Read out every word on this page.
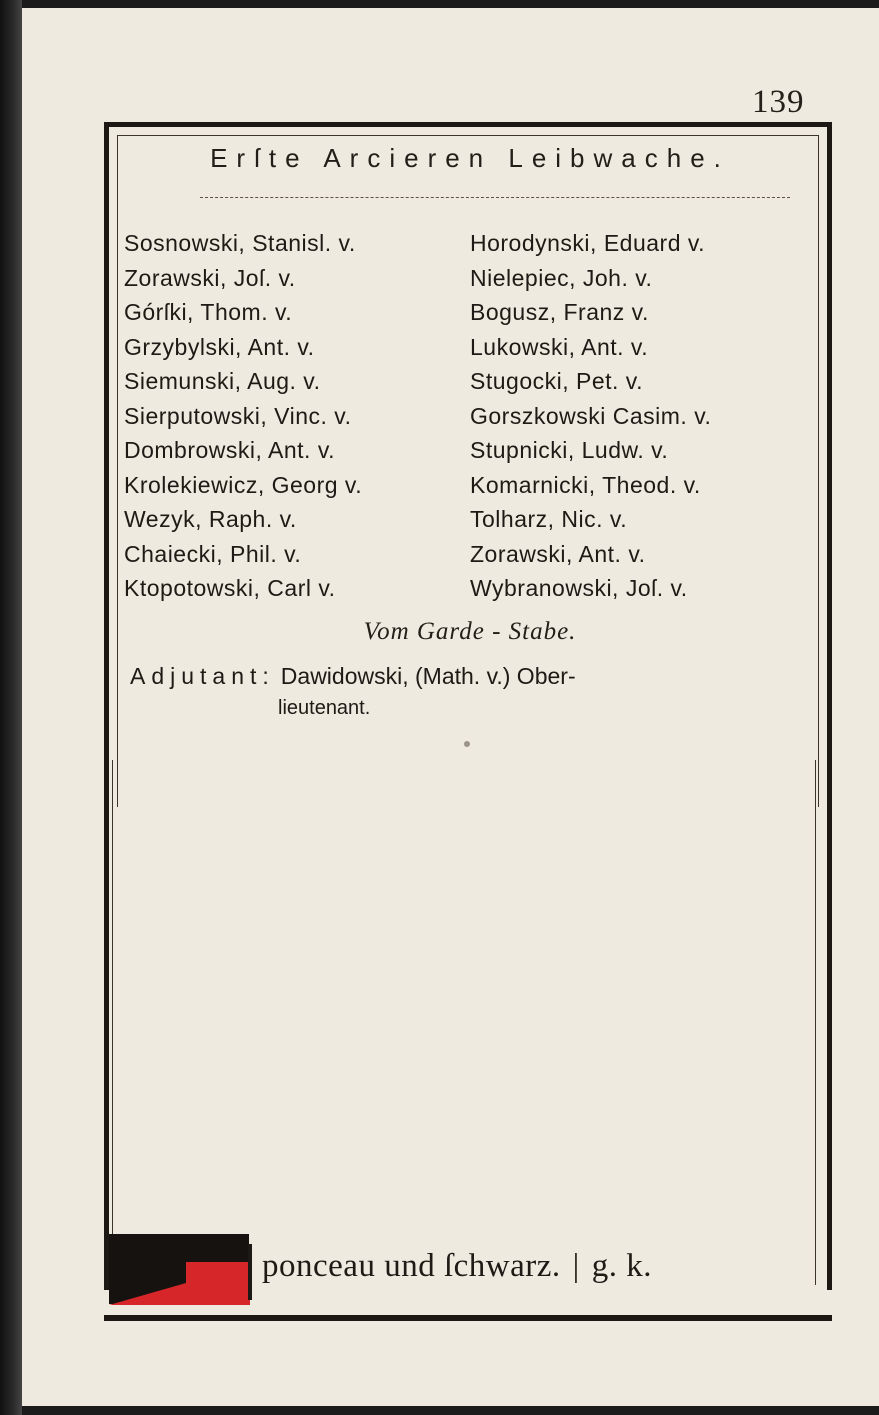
139
Erſte Arcieren Leibwache.
Sosnowski, Stanisl. v.
Zorawski, Joſ. v.
Górſki, Thom. v.
Grzybylski, Ant. v.
Siemunski, Aug. v.
Sierputowski, Vinc. v.
Dombrowski, Ant. v.
Krolekiewicz, Georg v.
Wezyk, Raph. v.
Chaiecki, Phil. v.
Ktopotowski, Carl v.
Horodynski, Eduard v.
Nielepiec, Joh. v.
Bogusz, Franz v.
Lukowski, Ant. v.
Stugocki, Pet. v.
Gorszkowski Casim. v.
Stupnicki, Ludw. v.
Komarnicki, Theod. v.
Tolharz, Nic. v.
Zorawski, Ant. v.
Wybranowski, Joſ. v.
Vom Garde - Stabe.
Adjutant: Dawidowski, (Math. v.) Ober-
lieutenant.
ponceau und ſchwarz. | g. k.
